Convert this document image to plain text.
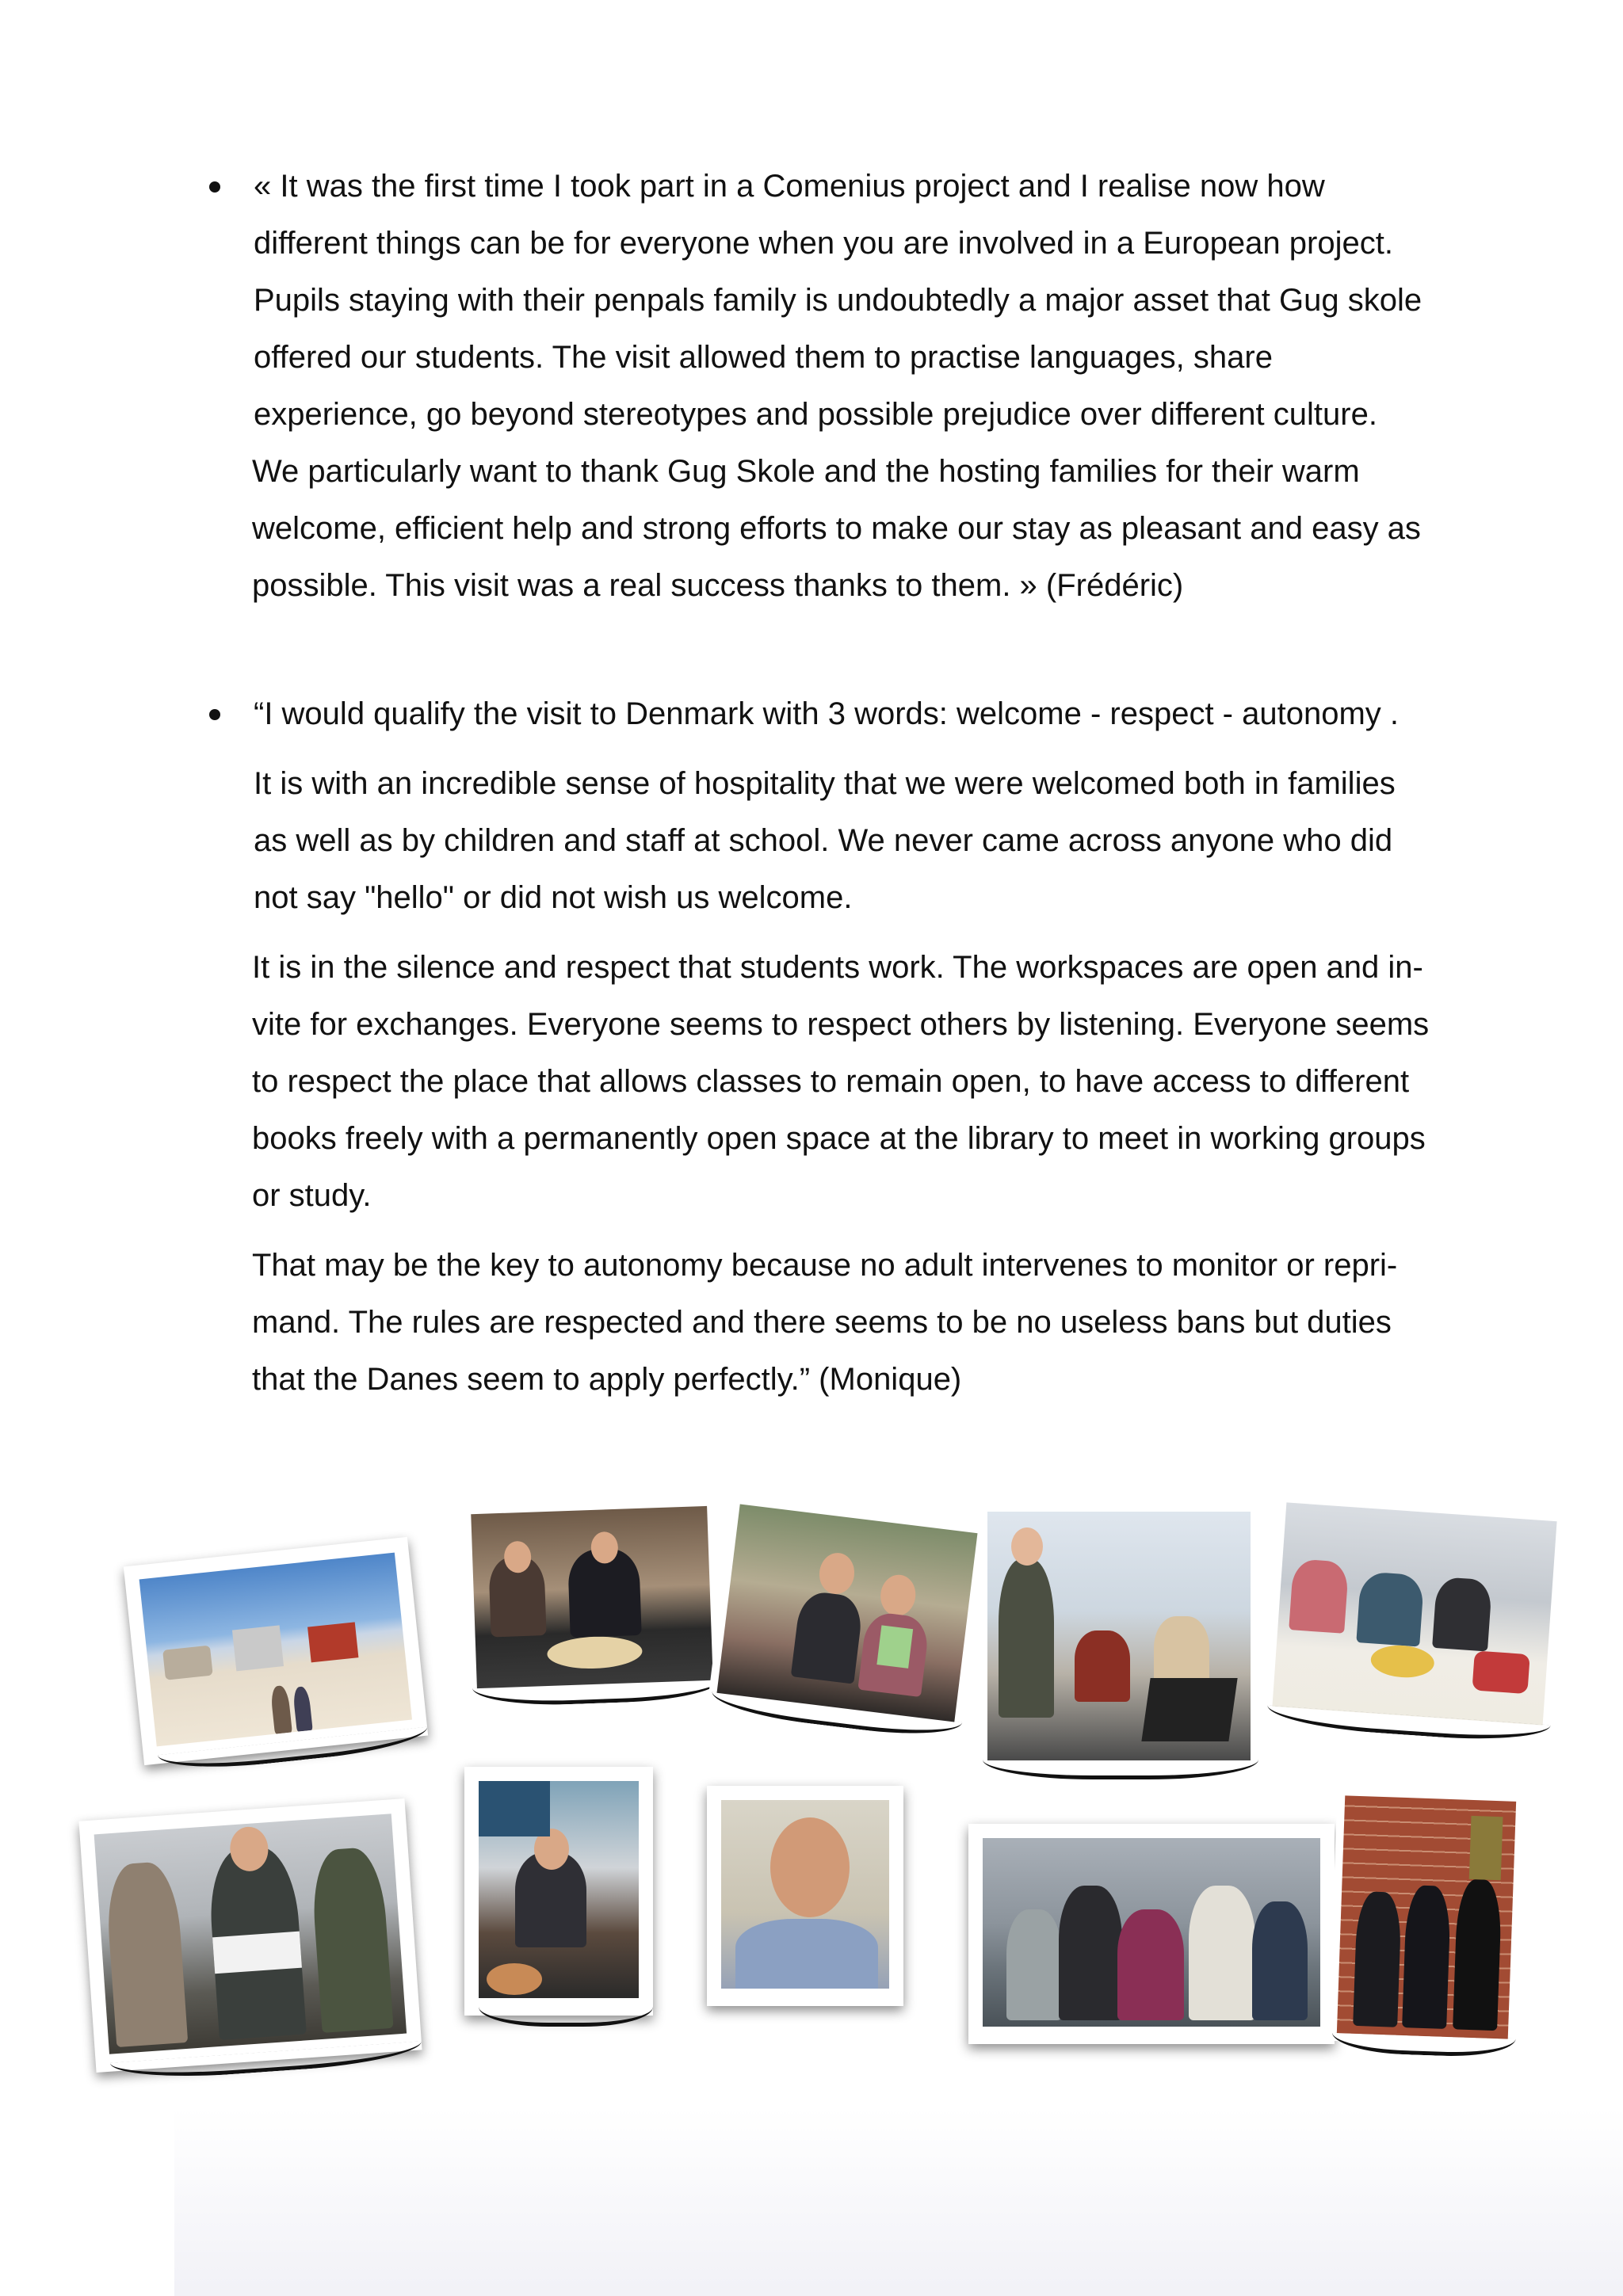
« It was the first time I took part in a Comenius project and I realise now how
different things can be for everyone when you are involved in a European project.
Pupils staying with their penpals family is undoubtedly a major asset that Gug skole
offered our students. The visit allowed them to practise languages, share
experience, go beyond stereotypes and possible prejudice over different culture.
We particularly want to thank Gug Skole and the hosting families for their warm
welcome, efficient help and strong efforts to make our stay as pleasant and easy as
possible. This visit was a real success thanks to them. » (Frédéric)
“I would qualify the visit to Denmark with 3 words: welcome - respect - autonomy .
It is with an incredible sense of hospitality that we were welcomed both in families
as well as by children and staff at school. We never came across anyone who did
not say "hello" or did not wish us welcome.
It is in the silence and respect that students work. The workspaces are open and in-
vite for exchanges. Everyone seems to respect others by listening. Everyone seems
to respect the place that allows classes to remain open, to have access to different
books freely with a permanently open space at the library to meet in working groups
or study.
That may be the key to autonomy because no adult intervenes to monitor or repri-
mand. The rules are respected and there seems to be no useless bans but duties
that the Danes seem to apply perfectly.” (Monique)
